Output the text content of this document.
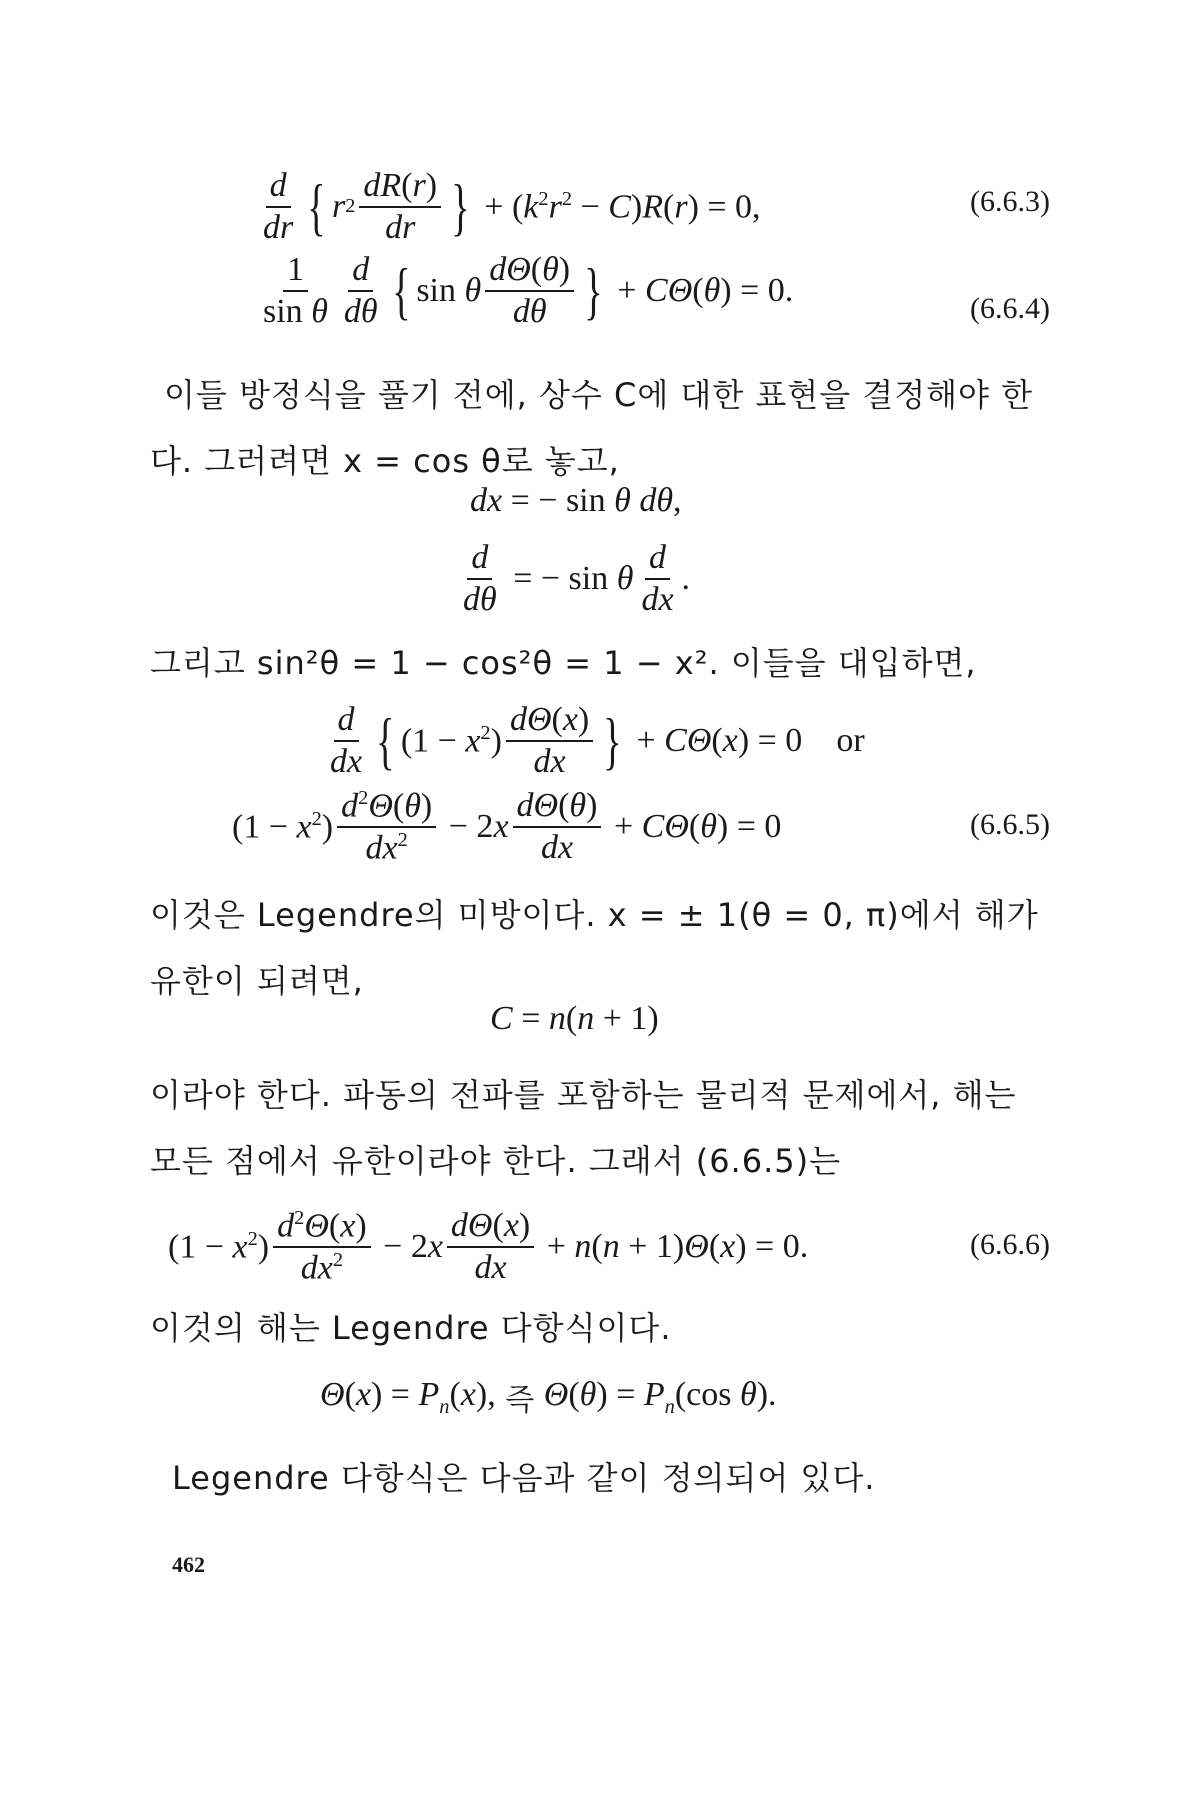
$\frac{d}{dr}$ { r $2 \frac{dR(r)}{dr}$ } + $(k^2r^2 - C)R(r) = 0$,	(6.6.3)
$\frac{1}{\text{sin θ}} \frac{d}{d\theta}$ { sin θ $\frac{d\Theta(\theta)}{d\theta}$ } + CΘ(θ) = 0.	(6.6.4)
이들 방정식을 풀기 전에, 상수 C에 대한 표현을 결정해야 한다. 그러려면 x = cos θ로 놓고,
dx = − sin θ dθ,
$\frac{d}{d\theta}$ = − sin θ $\frac{d}{dx}$ .
그리고 sin²θ = 1 − cos²θ = 1 − x². 이들을 대입하면,
$\frac{d}{dx}$ { $(1 - x^2) \frac{d\Theta(x)}{dx}$ } + CΘ(x) = 0 or
$(1 - x^2) \frac{d^2\Theta(\theta)}{dx^2} - 2x \frac{d\Theta(\theta)}{dx} + C\Theta(\theta) = 0$	(6.6.5)
이것은 Legendre의 미방이다. x = ± 1(θ = 0, π)에서 해가 유한이 되려면,
C = n(n + 1)
이라야 한다. 파동의 전파를 포함하는 물리적 문제에서, 해는 모든 점에서 유한이라야 한다. 그래서 (6.6.5)는
$(1 - x^2) \frac{d^2\Theta(x)}{dx^2} - 2x \frac{d\Theta(x)}{dx} + n(n + 1)\Theta(x) = 0$.	(6.6.6)
이것의 해는 Legendre 다항식이다.
$\Theta(x) = P_n(x)$, 즉 $\Theta(\theta) = P_n(\cos$ θ).
Legendre 다항식은 다음과 같이 정의되어 있다.
462
